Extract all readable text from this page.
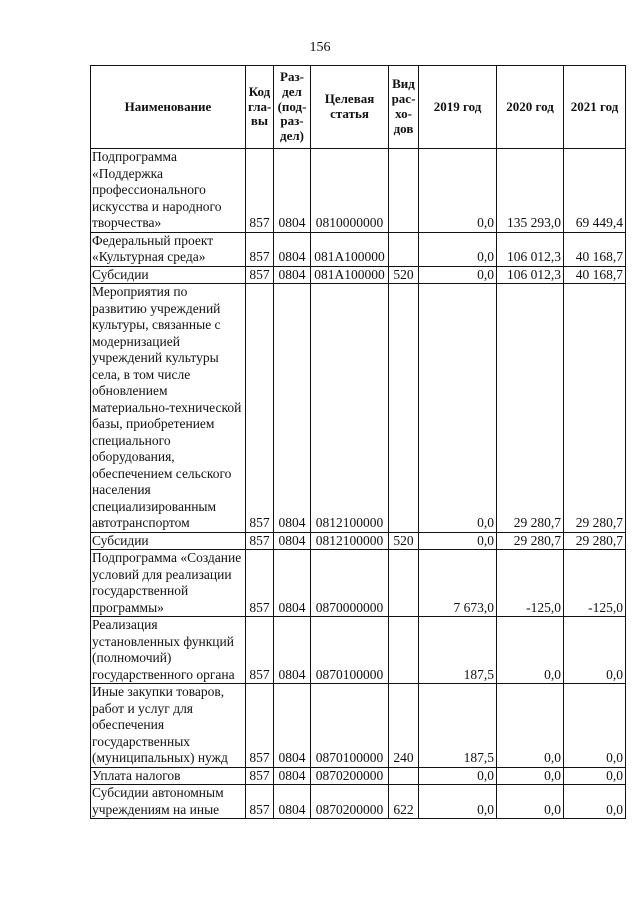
156
Наименование	Код гла-вы	Раз-дел (под-раз-дел)	Целевая статья	Вид рас-хо-дов	2019 год	2020 год	2021 год
Подпрограмма «Поддержка профессионального искусства и народного творчества»	857	0804	0810000000		0,0	135 293,0	69 449,4
Федеральный проект «Культурная среда»	857	0804	081A100000		0,0	106 012,3	40 168,7
Субсидии	857	0804	081A100000	520	0,0	106 012,3	40 168,7
Мероприятия по развитию учреждений культуры, связанные с модернизацией учреждений культуры села, в том числе обновлением материально-технической базы, приобретением специального оборудования, обеспечением сельского населения специализированным автотранспортом	857	0804	0812100000		0,0	29 280,7	29 280,7
Субсидии	857	0804	0812100000	520	0,0	29 280,7	29 280,7
Подпрограмма «Создание условий для реализации государственной программы»	857	0804	0870000000		7 673,0	-125,0	-125,0
Реализация установленных функций (полномочий) государственного органа	857	0804	0870100000		187,5	0,0	0,0
Иные закупки товаров, работ и услуг для обеспечения государственных (муниципальных) нужд	857	0804	0870100000	240	187,5	0,0	0,0
Уплата налогов	857	0804	0870200000		0,0	0,0	0,0
Субсидии автономным учреждениям на иные	857	0804	0870200000	622	0,0	0,0	0,0
